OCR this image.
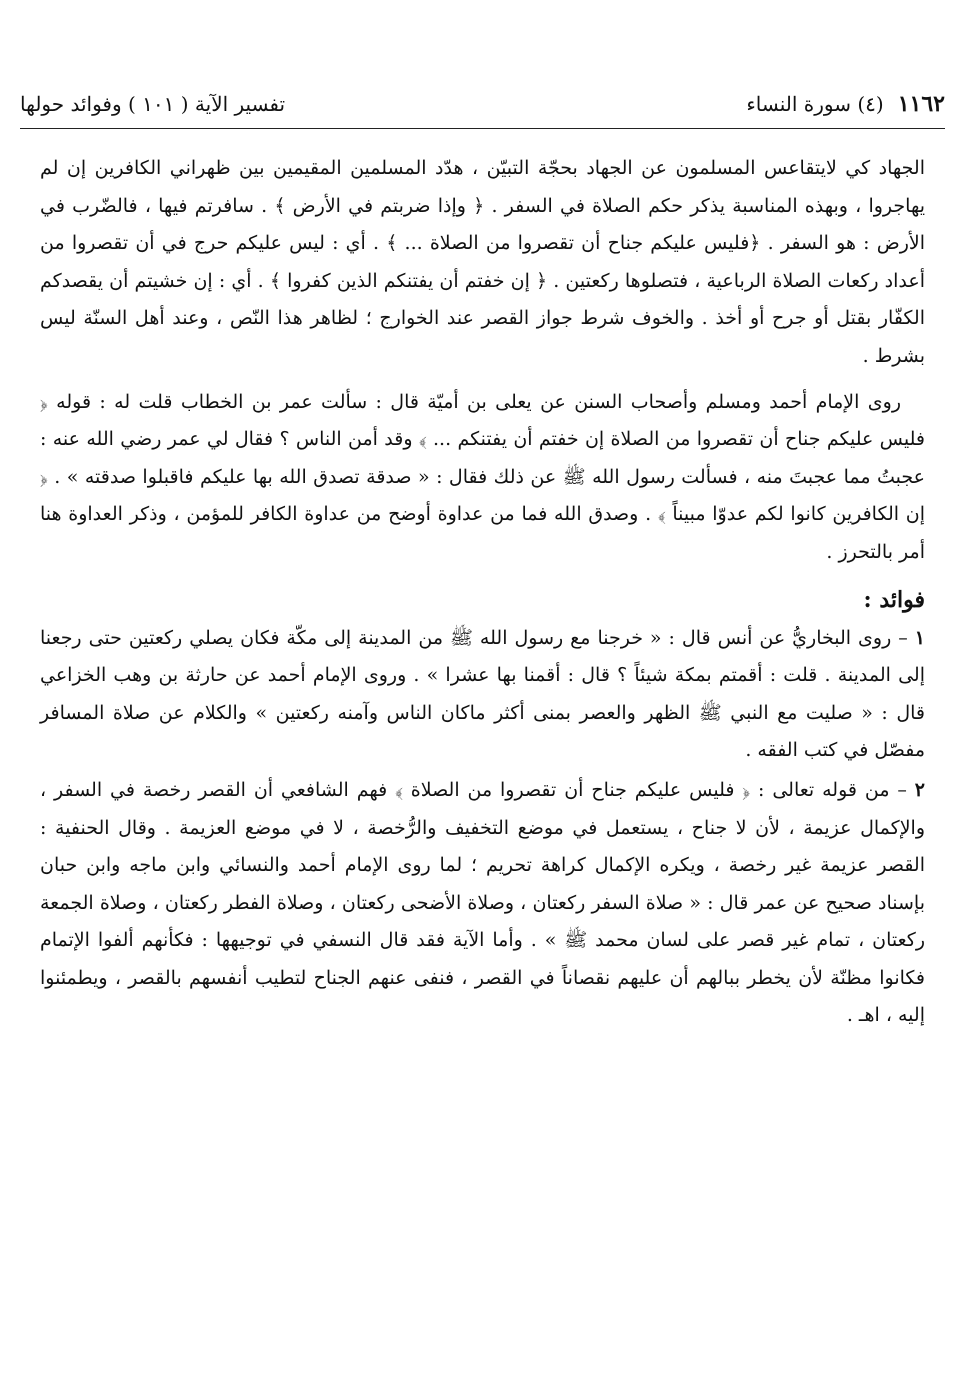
١١٦٢
(٤) سورة النساء
تفسير الآية ( ١٠١ ) وفوائد حولها

الجهاد كي لايتقاعس المسلمون عن الجهاد بحجّة التبيّن ، هدّد المسلمين المقيمين بين ظهراني الكافرين إن لم يهاجروا ، وبهذه المناسبة يذكر حكم الصلاة في السفر . ﴿ وإذا ضربتم في الأرض ﴾ . سافرتم فيها ، فالضّرب في الأرض : هو السفر . ﴿فليس عليكم جناح أن تقصروا من الصلاة ... ﴾ . أي : ليس عليكم حرج في أن تقصروا من أعداد ركعات الصلاة الرباعية ، فتصلوها ركعتين . ﴿ إن خفتم أن يفتنكم الذين كفروا ﴾ . أي : إن خشيتم أن يقصدكم الكفّار بقتل أو جرح أو أخذ . والخوف شرط جواز القصر عند الخوارج ؛ لظاهر هذا النّص ، وعند أهل السنّة ليس بشرط .

روى الإمام أحمد ومسلم وأصحاب السنن عن يعلى بن أميّة قال : سألت عمر بن الخطاب قلت له : قوله ﴿ فليس عليكم جناح أن تقصروا من الصلاة إن خفتم أن يفتنكم ... ﴾ وقد أمن الناس ؟ فقال لي عمر رضي الله عنه : عجبتُ مما عجبتَ منه ، فسألت رسول الله ﷺ عن ذلك فقال : « صدقة تصدق الله بها عليكم فاقبلوا صدقته » . ﴿ إن الكافرين كانوا لكم عدوّا مبيناً ﴾ . وصدق الله فما من عداوة أوضح من عداوة الكافر للمؤمن ، وذكر العداوة هنا أمر بالتحرز .

فوائد :

١ – روى البخاريُّ عن أنس قال : « خرجنا مع رسول الله ﷺ من المدينة إلى مكّة فكان يصلي ركعتين حتى رجعنا إلى المدينة . قلت : أقمتم بمكة شيئاً ؟ قال : أقمنا بها عشرا » . وروى الإمام أحمد عن حارثة بن وهب الخزاعي قال : « صليت مع النبي ﷺ الظهر والعصر بمنى أكثر ماكان الناس وآمنه ركعتين » والكلام عن صلاة المسافر مفصّل في كتب الفقه .

٢ – من قوله تعالى : ﴿ فليس عليكم جناح أن تقصروا من الصلاة ﴾ فهم الشافعي أن القصر رخصة في السفر ، والإكمال عزيمة ، لأن لا جناح ، يستعمل في موضع التخفيف والرُّخصة ، لا في موضع العزيمة . وقال الحنفية : القصر عزيمة غير رخصة ، ويكره الإكمال كراهة تحريم ؛ لما روى الإمام أحمد والنسائي وابن ماجه وابن حبان بإسناد صحيح عن عمر قال : « صلاة السفر ركعتان ، وصلاة الأضحى ركعتان ، وصلاة الفطر ركعتان ، وصلاة الجمعة ركعتان ، تمام غير قصر على لسان محمد ﷺ » . وأما الآية فقد قال النسفي في توجيهها : فكأنهم ألفوا الإتمام فكانوا مظنّة لأن يخطر ببالهم أن عليهم نقصاناً في القصر ، فنفى عنهم الجناح لتطيب أنفسهم بالقصر ، ويطمئنوا إليه ، اهـ .
